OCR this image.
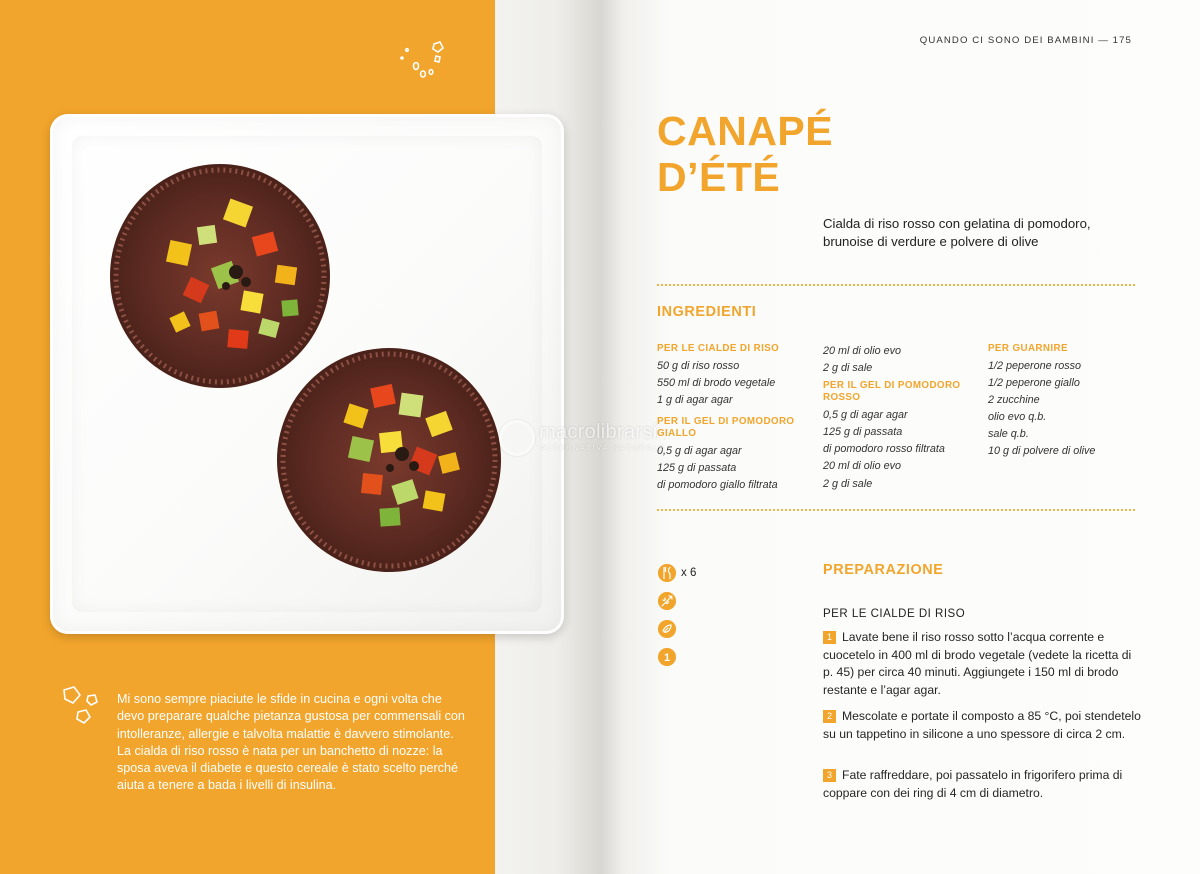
Mi sono sempre piaciute le sfide in cucina e ogni volta che devo preparare qualche pietanza gustosa per commensali con intolleranze, allergie e talvolta malattie è davvero stimolante. La cialda di riso rosso è nata per un banchetto di nozze: la sposa aveva il diabete e questo cereale è stato scelto perché aiuta a tenere a bada i livelli di insulina.

QUANDO CI SONO DEI BAMBINI — 175
CANAPÉ
D’ÉTÉ

Cialda di riso rosso con gelatina di pomodoro, brunoise di verdure e polvere di olive

INGREDIENTI
PER LE CIALDE DI RISO
50 g di riso rosso
550 ml di brodo vegetale
1 g di agar agar
PER IL GEL DI POMODORO GIALLO
0,5 g di agar agar
125 g di passata
di pomodoro giallo filtrata
20 ml di olio evo
2 g di sale
PER IL GEL DI POMODORO ROSSO
0,5 g di agar agar
125 g di passata
di pomodoro rosso filtrata
20 ml di olio evo
2 g di sale
PER GUARNIRE
1/2 peperone rosso
1/2 peperone giallo
2 zucchine
olio evo q.b.
sale q.b.
10 g di polvere di olive
x 6
1
PREPARAZIONE

PER LE CIALDE DI RISO

1 Lavate bene il riso rosso sotto l’acqua corrente e cuocetelo in 400 ml di brodo vegetale (vedete la ricetta di p. 45) per circa 40 minuti. Aggiungete i 150 ml di brodo restante e l’agar agar.

2 Mescolate e portate il composto a 85 °C, poi stendetelo su un tappetino in silicone a uno spessore di circa 2 cm.

3 Fate raffreddare, poi passatelo in frigorifero prima di coppare con dei ring di 4 cm di diametro.

macrolibrarsi
ALTERNATIVA NATURALE
